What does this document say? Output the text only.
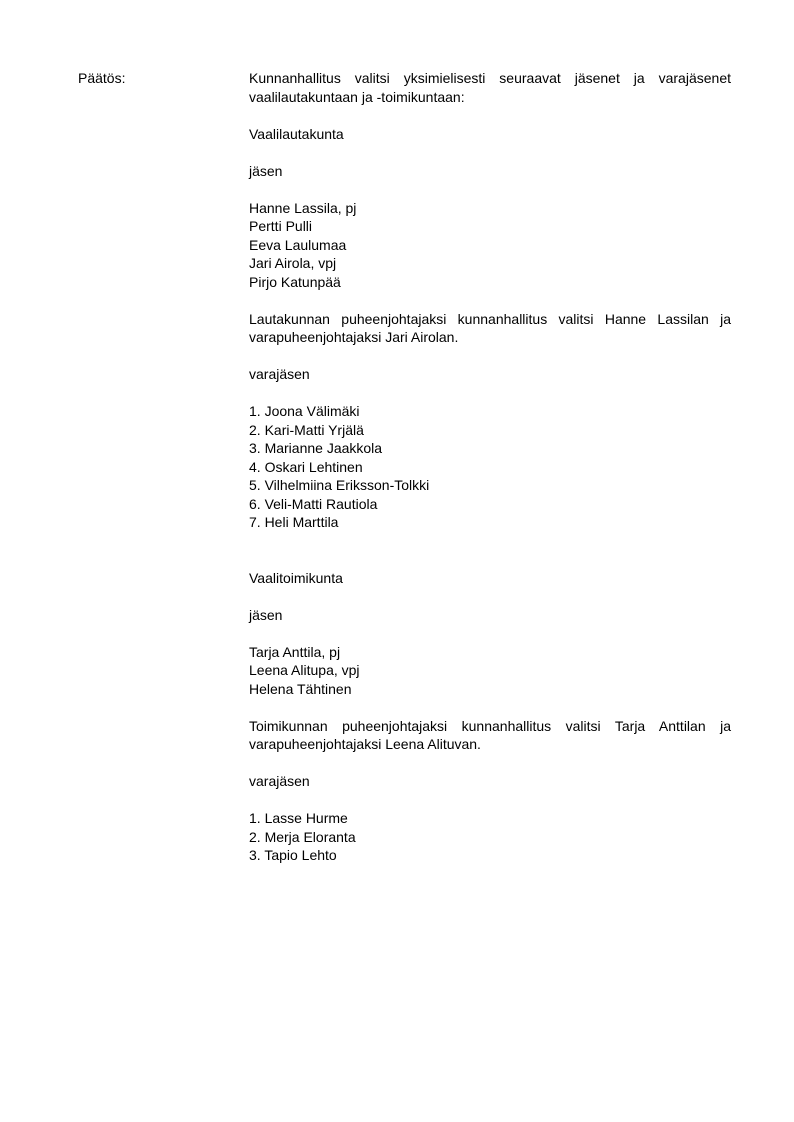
Päätös:	Kunnanhallitus valitsi yksimielisesti seuraavat jäsenet ja varajäsenet vaalilautakuntaan ja -toimikuntaan:

Vaalilautakunta

jäsen

Hanne Lassila, pj
Pertti Pulli
Eeva Laulumaa
Jari Airola, vpj
Pirjo Katunpää

Lautakunnan puheenjohtajaksi kunnanhallitus valitsi Hanne Lassilan ja varapuheenjohtajaksi Jari Airolan.

varajäsen

1. Joona Välimäki
2. Kari-Matti Yrjälä
3. Marianne Jaakkola
4. Oskari Lehtinen
5. Vilhelmiina Eriksson-Tolkki
6. Veli-Matti Rautiola
7. Heli Marttila

Vaalitoimikunta

jäsen

Tarja Anttila, pj
Leena Alitupa, vpj
Helena Tähtinen

Toimikunnan puheenjohtajaksi kunnanhallitus valitsi Tarja Anttilan ja varapuheenjohtajaksi Leena Alituvan.

varajäsen

1. Lasse Hurme
2. Merja Eloranta
3. Tapio Lehto
